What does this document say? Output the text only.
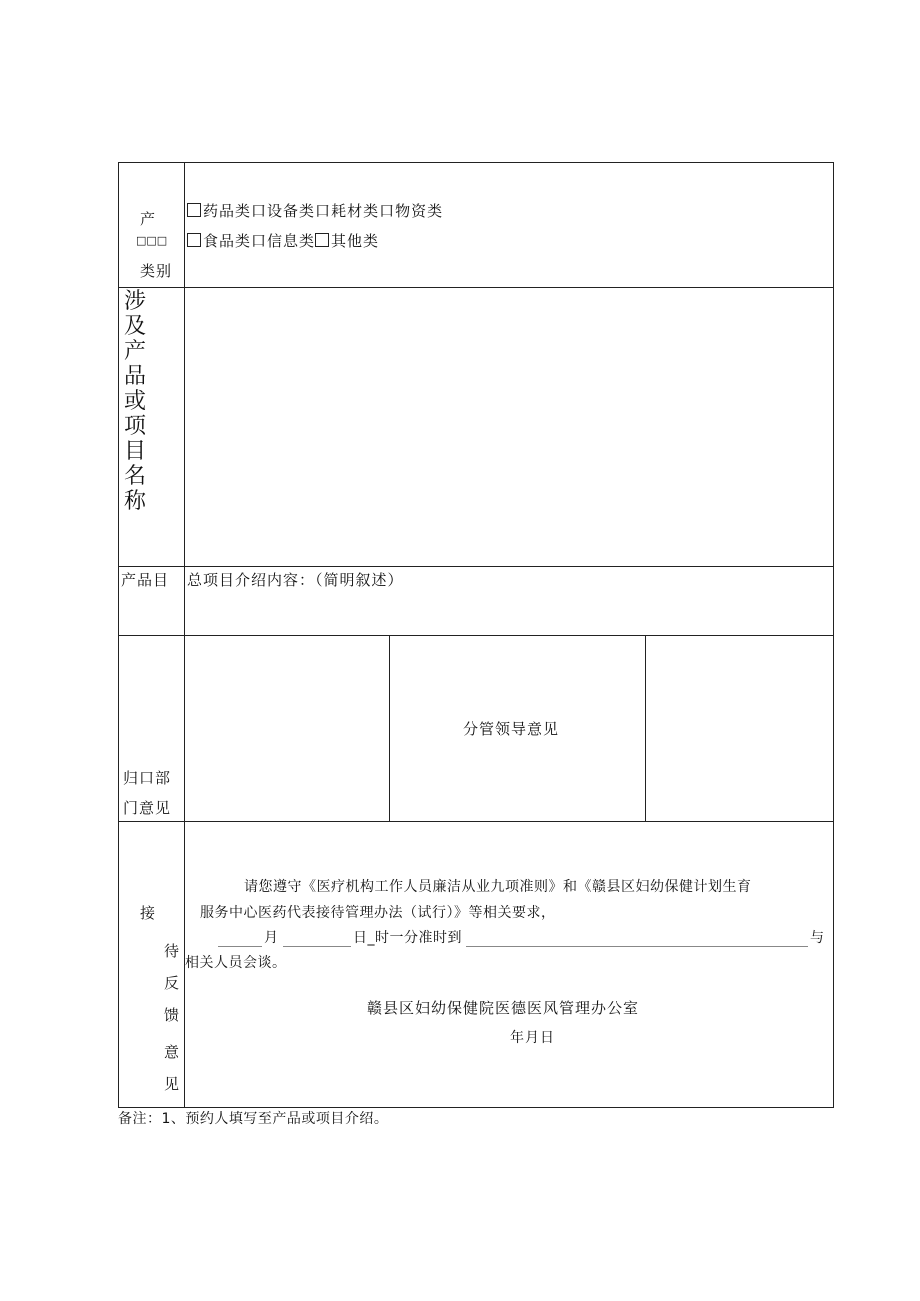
产
□□□
类别
药品类口设备类口耗材类口物资类
食品类口信息类 其他类
涉
及
产
品
或
项
目
名
称
产品目 总项目介绍内容：（简明叙述）
归口部
门意见
分管领导意见
接
待
反
馈
意
见
请您遵守《医疗机构工作人员廉洁从业九项准则》和《赣县区妇幼保健计划生育
服务中心医药代表接待管理办法（试行）》等相关要求，
月	日_时一分准时到	与
相关人员会谈。
赣县区妇幼保健院医德医风管理办公室
年月日
备注：1、预约人填写至产品或项目介绍。
